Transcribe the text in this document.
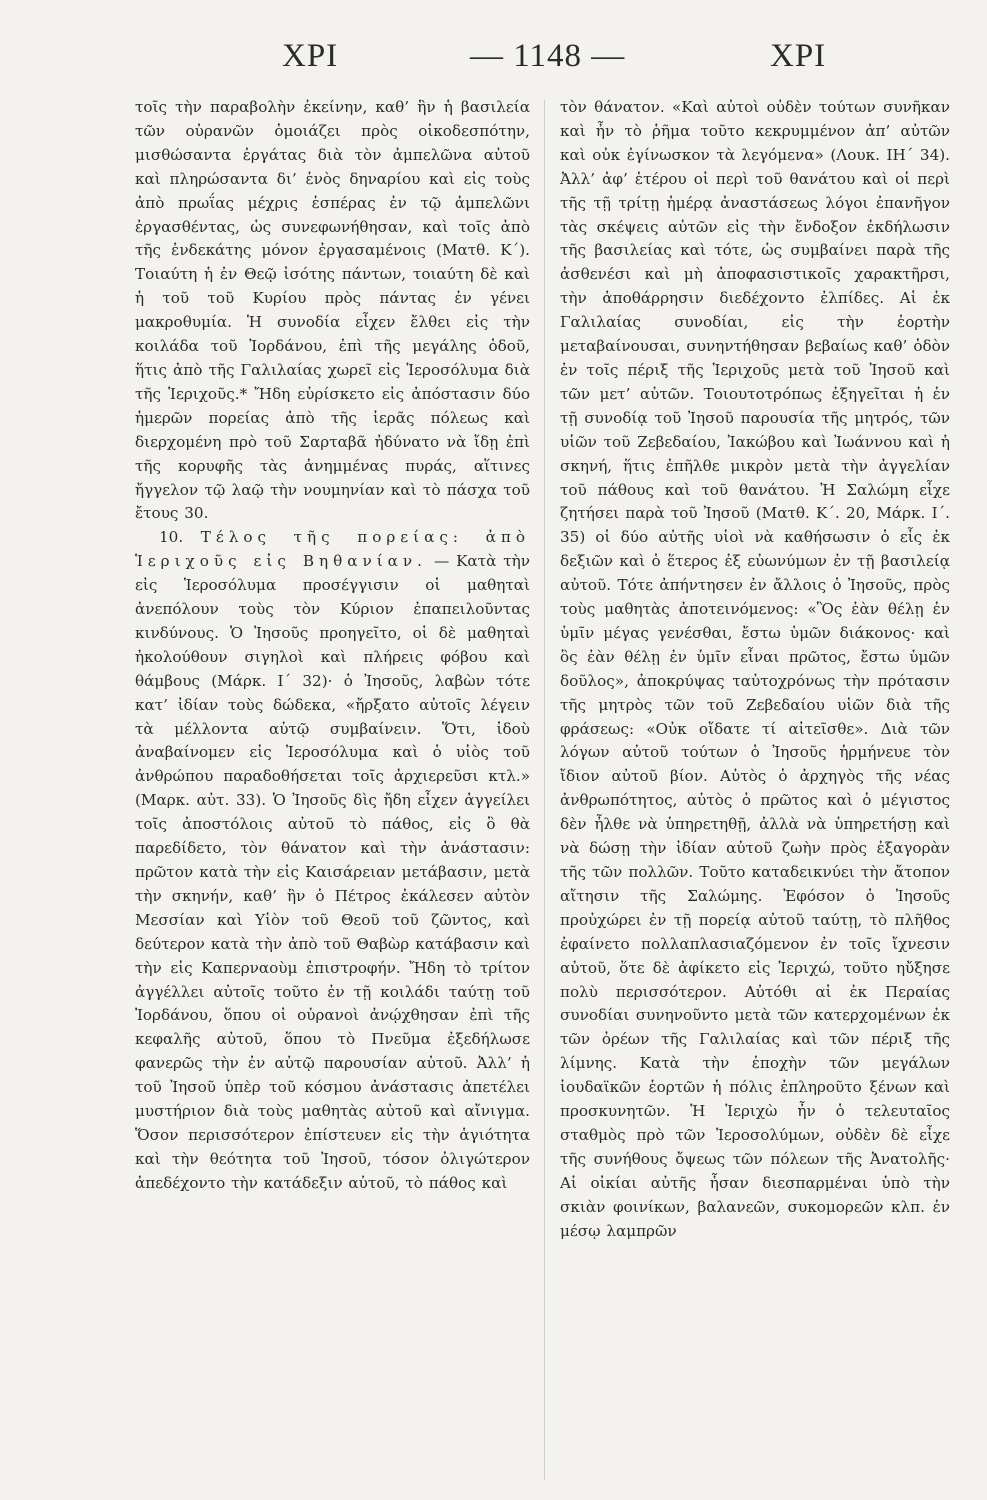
ΧΡΙ	— 1148 —	ΧΡΙ

τοῖς τὴν παραβολὴν ἐκείνην, καθ’ ἣν ἡ βασιλεία τῶν οὐρανῶν ὁμοιάζει πρὸς οἰκοδεσπότην, μισθώσαντα ἐργάτας διὰ τὸν ἀμπελῶνα αὐτοῦ καὶ πληρώσαντα δι’ ἑνὸς δηναρίου καὶ εἰς τοὺς ἀπὸ πρωΐας μέχρις ἑσπέρας ἐν τῷ ἀμπελῶνι ἐργασθέντας, ὡς συνεφωνήθησαν, καὶ τοῖς ἀπὸ τῆς ἑνδεκάτης μόνον ἐργασαμένοις (Ματθ. Κ΄). Τοιαύτη ἡ ἐν Θεῷ ἰσότης πάντων, τοιαύτη δὲ καὶ ἡ τοῦ τοῦ Κυρίου πρὸς πάντας ἐν γένει μακροθυμία. Ἡ συνοδία εἶχεν ἔλθει εἰς τὴν κοιλάδα τοῦ Ἰορδάνου, ἐπὶ τῆς μεγάλης ὁδοῦ, ἥτις ἀπὸ τῆς Γαλιλαίας χωρεῖ εἰς Ἱεροσόλυμα διὰ τῆς Ἱεριχοῦς.* Ἤδη εὑρίσκετο εἰς ἀπόστασιν δύο ἡμερῶν πορείας ἀπὸ τῆς ἱερᾶς πόλεως καὶ διερχομένη πρὸ τοῦ Σαρταβᾶ ἠδύνατο νὰ ἴδῃ ἐπὶ τῆς κορυφῆς τὰς ἀνημμένας πυράς, αἵτινες ἤγγελον τῷ λαῷ τὴν νουμηνίαν καὶ τὸ πάσχα τοῦ ἔτους 30.

10. Τέλος τῆς πορείας: ἀπὸ Ἱεριχοῦς εἰς Βηθανίαν. — Κατὰ τὴν εἰς Ἱεροσόλυμα προσέγγισιν οἱ μαθηταὶ ἀνεπόλουν τοὺς τὸν Κύριον ἐπαπειλοῦντας κινδύνους. Ὁ Ἰησοῦς προηγεῖτο, οἱ δὲ μαθηταὶ ἠκολούθουν σιγηλοὶ καὶ πλήρεις φόβου καὶ θάμβους (Μάρκ. Ι΄ 32)· ὁ Ἰησοῦς, λαβὼν τότε κατ’ ἰδίαν τοὺς δώδεκα, «ἤρξατο αὐτοῖς λέγειν τὰ μέλλοντα αὐτῷ συμβαίνειν. Ὅτι, ἰδοὺ ἀναβαίνομεν εἰς Ἱεροσόλυμα καὶ ὁ υἱὸς τοῦ ἀνθρώπου παραδοθήσεται τοῖς ἀρχιερεῦσι κτλ.» (Μαρκ. αὐτ. 33). Ὁ Ἰησοῦς δὶς ἤδη εἶχεν ἀγγείλει τοῖς ἀποστόλοις αὐτοῦ τὸ πάθος, εἰς ὃ θὰ παρεδίδετο, τὸν θάνατον καὶ τὴν ἀνάστασιν: πρῶτον κατὰ τὴν εἰς Καισάρειαν μετάβασιν, μετὰ τὴν σκηνήν, καθ’ ἣν ὁ Πέτρος ἐκάλεσεν αὐτὸν Μεσσίαν καὶ Υἱὸν τοῦ Θεοῦ τοῦ ζῶντος, καὶ δεύτερον κατὰ τὴν ἀπὸ τοῦ Θαβὼρ κατάβασιν καὶ τὴν εἰς Καπερναοὺμ ἐπιστροφήν. Ἤδη τὸ τρίτον ἀγγέλλει αὐτοῖς τοῦτο ἐν τῇ κοιλάδι ταύτῃ τοῦ Ἰορδάνου, ὅπου οἱ οὐρανοὶ ἀνῴχθησαν ἐπὶ τῆς κεφαλῆς αὐτοῦ, ὅπου τὸ Πνεῦμα ἐξεδήλωσε φανερῶς τὴν ἐν αὐτῷ παρουσίαν αὐτοῦ. Ἀλλ’ ἡ τοῦ Ἰησοῦ ὑπὲρ τοῦ κόσμου ἀνάστασις ἀπετέλει μυστήριον διὰ τοὺς μαθητὰς αὐτοῦ καὶ αἴνιγμα. Ὅσον περισσότερον ἐπίστευεν εἰς τὴν ἁγιότητα καὶ τὴν θεότητα τοῦ Ἰησοῦ, τόσον ὀλιγώτερον ἀπεδέχοντο τὴν κατάδεξιν αὐτοῦ, τὸ πάθος καὶ

τὸν θάνατον. «Καὶ αὐτοὶ οὐδὲν τούτων συνῆκαν καὶ ἦν τὸ ῥῆμα τοῦτο κεκρυμμένον ἀπ’ αὐτῶν καὶ οὐκ ἐγίνωσκον τὰ λεγόμενα» (Λουκ. ΙΗ΄ 34). Ἀλλ’ ἀφ’ ἑτέρου οἱ περὶ τοῦ θανάτου καὶ οἱ περὶ τῆς τῇ τρίτῃ ἡμέρᾳ ἀναστάσεως λόγοι ἐπανῆγον τὰς σκέψεις αὐτῶν εἰς τὴν ἔνδοξον ἐκδήλωσιν τῆς βασιλείας καὶ τότε, ὡς συμβαίνει παρὰ τῆς ἀσθενέσι καὶ μὴ ἀποφασιστικοῖς χαρακτῆρσι, τὴν ἀποθάρρησιν διεδέχοντο ἐλπίδες. Αἱ ἐκ Γαλιλαίας συνοδίαι, εἰς τὴν ἑορτὴν μεταβαίνουσαι, συνηντήθησαν βεβαίως καθ’ ὁδὸν ἐν τοῖς πέριξ τῆς Ἱεριχοῦς μετὰ τοῦ Ἰησοῦ καὶ τῶν μετ’ αὐτῶν. Τοιουτοτρόπως ἐξηγεῖται ἡ ἐν τῇ συνοδίᾳ τοῦ Ἰησοῦ παρουσία τῆς μητρός, τῶν υἱῶν τοῦ Ζεβεδαίου, Ἰακώβου καὶ Ἰωάννου καὶ ἡ σκηνή, ἥτις ἐπῆλθε μικρὸν μετὰ τὴν ἀγγελίαν τοῦ πάθους καὶ τοῦ θανάτου. Ἡ Σαλώμη εἶχε ζητήσει παρὰ τοῦ Ἰησοῦ (Ματθ. Κ΄. 20, Μάρκ. Ι΄. 35) οἱ δύο αὐτῆς υἱοὶ νὰ καθήσωσιν ὁ εἷς ἐκ δεξιῶν καὶ ὁ ἕτερος ἐξ εὐωνύμων ἐν τῇ βασιλείᾳ αὐτοῦ. Τότε ἀπήντησεν ἐν ἄλλοις ὁ Ἰησοῦς, πρὸς τοὺς μαθητὰς ἀποτεινόμενος: «Ὃς ἐὰν θέλῃ ἐν ὑμῖν μέγας γενέσθαι, ἔστω ὑμῶν διάκονος· καὶ ὃς ἐὰν θέλῃ ἐν ὑμῖν εἶναι πρῶτος, ἔστω ὑμῶν δοῦλος», ἀποκρύψας ταὐτοχρόνως τὴν πρότασιν τῆς μητρὸς τῶν τοῦ Ζεβεδαίου υἱῶν διὰ τῆς φράσεως: «Οὐκ οἴδατε τί αἰτεῖσθε». Διὰ τῶν λόγων αὐτοῦ τούτων ὁ Ἰησοῦς ἡρμήνευε τὸν ἴδιον αὐτοῦ βίον. Αὐτὸς ὁ ἀρχηγὸς τῆς νέας ἀνθρωπότητος, αὐτὸς ὁ πρῶτος καὶ ὁ μέγιστος δὲν ἦλθε νὰ ὑπηρετηθῇ, ἀλλὰ νὰ ὑπηρετήσῃ καὶ νὰ δώσῃ τὴν ἰδίαν αὐτοῦ ζωὴν πρὸς ἐξαγορὰν τῆς τῶν πολλῶν. Τοῦτο καταδεικνύει τὴν ἄτοπον αἴτησιν τῆς Σαλώμης. Ἐφόσον ὁ Ἰησοῦς προὐχώρει ἐν τῇ πορείᾳ αὐτοῦ ταύτῃ, τὸ πλῆθος ἐφαίνετο πολλαπλασιαζόμενον ἐν τοῖς ἴχνεσιν αὐτοῦ, ὅτε δὲ ἀφίκετο εἰς Ἱεριχώ, τοῦτο ηὔξησε πολὺ περισσότερον. Αὐτόθι αἱ ἐκ Περαίας συνοδίαι συνηνοῦντο μετὰ τῶν κατερχομένων ἐκ τῶν ὀρέων τῆς Γαλιλαίας καὶ τῶν πέριξ τῆς λίμνης. Κατὰ τὴν ἐποχὴν τῶν μεγάλων ἰουδαϊκῶν ἑορτῶν ἡ πόλις ἐπληροῦτο ξένων καὶ προσκυνητῶν. Ἡ Ἱεριχὼ ἦν ὁ τελευταῖος σταθμὸς πρὸ τῶν Ἱεροσολύμων, οὐδὲν δὲ εἶχε τῆς συνήθους ὄψεως τῶν πόλεων τῆς Ἀνατολῆς· Αἱ οἰκίαι αὐτῆς ἦσαν διεσπαρμέναι ὑπὸ τὴν σκιὰν φοινίκων, βαλανεῶν, συκομορεῶν κλπ. ἐν μέσῳ λαμπρῶν
